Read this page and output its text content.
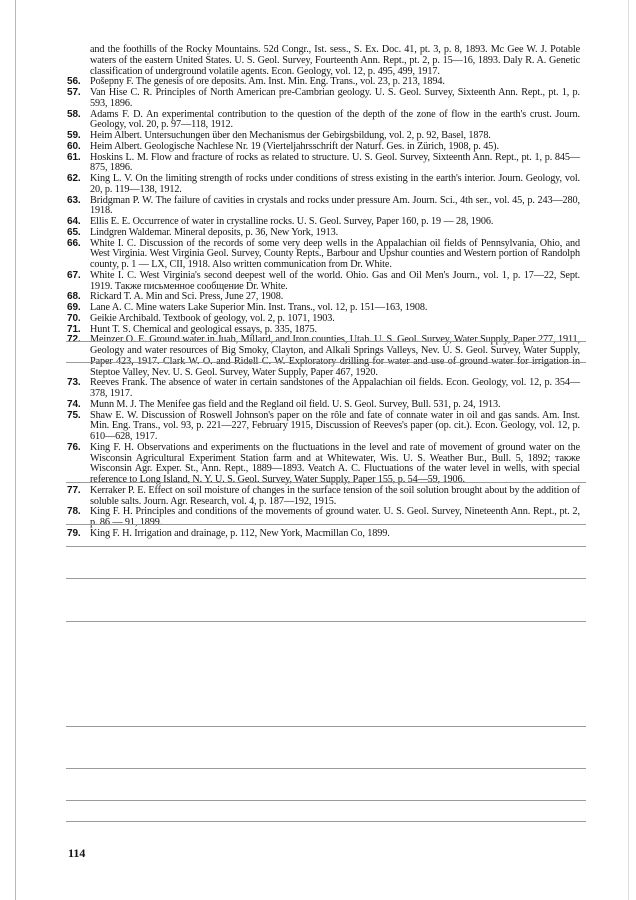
and the foothills of the Rocky Mountains. 52d Congr., Ist. sess., S. Ex. Doc. 41, pt. 3, p. 8, 1893. Mc Gee W. J. Potable waters of the eastern United States. U. S. Geol. Survey, Fourteenth Ann. Rept., pt. 2, p. 15—16, 1893. Daly R. A. Genetic classification of underground volatile agents. Econ. Geology, vol. 12, p. 495, 499, 1917.
56. Pošepny F. The genesis of ore deposits. Am. Inst. Min. Eng. Trans., vol. 23, p. 213, 1894.
57. Van Hise C. R. Principles of North American pre-Cambrian geology. U. S. Geol. Survey, Sixteenth Ann. Rept., pt. 1, p. 593, 1896.
58. Adams F. D. An experimental contribution to the question of the depth of the zone of flow in the earth's crust. Journ. Geology, vol. 20, p. 97—118, 1912.
59. Heim Albert. Untersuchungen über den Mechanismus der Gebirgsbildung, vol. 2, p. 92, Basel, 1878.
60. Heim Albert. Geologische Nachlese Nr. 19 (Vierteljahrsschrift der Naturf. Ges. in Zürich, 1908, p. 45).
61. Hoskins L. M. Flow and fracture of rocks as related to structure. U. S. Geol. Survey, Sixteenth Ann. Rept., pt. 1, p. 845—875, 1896.
62. King L. V. On the limiting strength of rocks under conditions of stress existing in the earth's interior. Journ. Geology, vol. 20, p. 119—138, 1912.
63. Bridgman P. W. The failure of cavities in crystals and rocks under pressure Am. Journ. Sci., 4th ser., vol. 45, p. 243—280, 1918.
64. Ellis E. E. Occurrence of water in crystalline rocks. U. S. Geol. Survey, Paper 160, p. 19 — 28, 1906.
65. Lindgren Waldemar. Mineral deposits, p. 36, New York, 1913.
66. White I. C. Discussion of the records of some very deep wells in the Appalachian oil fields of Pennsylvania, Ohio, and West Virginia. West Virginia Geol. Survey, County Repts., Barbour and Upshur counties and Western portion of Randolph county, p. 1 — LX, CII, 1918. Also written communication from Dr. White.
67. White I. C. West Virginia's second deepest well of the world. Ohio. Gas and Oil Men's Journ., vol. 1, p. 17—22, Sept. 1919. Также письменное сообщение Dr. White.
68. Rickard T. A. Min and Sci. Press, June 27, 1908.
69. Lane A. C. Mine waters Lake Superior Min. Inst. Trans., vol. 12, p. 151—163, 1908.
70. Geikie Archibald. Textbook of geology, vol. 2, p. 1071, 1903.
71. Hunt T. S. Chemical and geological essays, p. 335, 1875.
72. Meinzer O. E. Ground water in Juab, Millard, and Iron counties, Utah. U. S. Geol. Survey, Water Supply, Paper 277, 1911, Geology and water resources of Big Smoky, Clayton, and Alkali Springs Valleys, Nev. U. S. Geol. Survey, Water Supply, Paper 423, 1917. Clark W. O. and Ridell C. W. Exploratory drilling for water and use of ground water for irrigation in Steptoe Valley, Nev. U. S. Geol. Survey, Water Supply, Paper 467, 1920.
73. Reeves Frank. The absence of water in certain sandstones of the Appalachian oil fields. Econ. Geology, vol. 12, p. 354—378, 1917.
74. Munn M. J. The Menifee gas field and the Regland oil field. U. S. Geol. Survey, Bull. 531, p. 24, 1913.
75. Shaw E. W. Discussion of Roswell Johnson's paper on the rôle and fate of connate water in oil and gas sands. Am. Inst. Min. Eng. Trans., vol. 93, p. 221—227, February 1915, Discussion of Reeves's paper (op. cit.). Econ. Geology, vol. 12, p. 610—628, 1917.
76. King F. H. Observations and experiments on the fluctuations in the level and rate of movement of ground water on the Wisconsin Agricultural Experiment Station farm and at Whitewater, Wis. U. S. Weather Bur., Bull. 5, 1892; также Wisconsin Agr. Exper. St., Ann. Rept., 1889—1893. Veatch A. C. Fluctuations of the water level in wells, with special reference to Long Island, N. Y. U. S. Geol. Survey, Water Supply, Paper 155, p. 54—59, 1906.
77. Kerraker P. E. Effect on soil moisture of changes in the surface tension of the soil solution brought about by the addition of soluble salts. Journ. Agr. Research, vol. 4, p. 187—192, 1915.
78. King F. H. Principles and conditions of the movements of ground water. U. S. Geol. Survey, Nineteenth Ann. Rept., pt. 2, p. 86 — 91, 1899.
79. King F. H. Irrigation and drainage, p. 112, New York, Macmillan Co, 1899.
114
